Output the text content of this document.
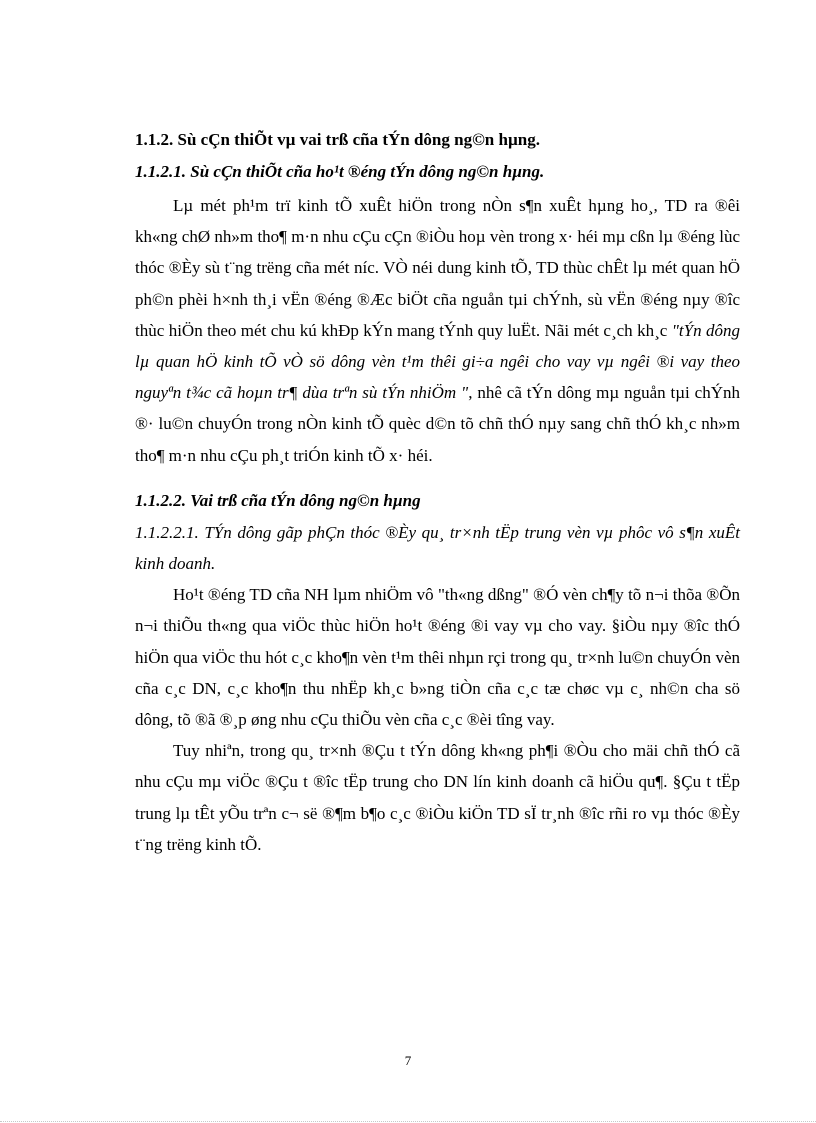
1.1.2. Sù cÇn thiÕt vµ vai trß cña tÝn dông ng©n hµng.
1.1.2.1. Sù cÇn thiÕt cña ho¹t ®éng tÝn dông ng©n hµng.

Lµ mét ph¹m trï kinh tÕ xuÊt hiÖn trong nÒn s¶n xuÊt hµng ho¸, TD ra ®êi kh«ng chØ nh»m tho¶ m·n nhu cÇu cÇn ®iÒu hoµ vèn trong x· héi mµ cßn lµ ®éng lùc thóc ®Èy sù t¨ng trëng cña mét níc. VÒ néi dung kinh tÕ, TD thùc chÊt lµ mét quan hÖ ph©n phèi h×nh th¸i vËn ®éng ®Æc biÖt cña nguån tµi chÝnh, sù vËn ®éng nµy ®îc thùc hiÖn theo mét chu kú khÐp kÝn mang tÝnh quy luËt. Nãi mét c¸ch kh¸c "tÝn dông lµ quan hÖ kinh tÕ vÒ sö dông vèn t¹m thêi gi÷a ngêi cho vay vµ ngêi ®i vay theo nguyªn t¾c cã hoµn tr¶ dùa trªn sù tÝn nhiÖm ", nhê cã tÝn dông mµ nguån tµi chÝnh ®· lu©n chuyÓn trong nÒn kinh tÕ quèc d©n tõ chñ thÓ nµy sang chñ thÓ kh¸c nh»m tho¶ m·n nhu cÇu ph¸t triÓn kinh tÕ x· héi.

1.1.2.2. Vai trß cña tÝn dông ng©n hµng

1.1.2.2.1. TÝn dông gãp phÇn thóc ®Èy qu¸ tr×nh tËp trung vèn vµ phôc vô s¶n xuÊt kinh doanh.

Ho¹t ®éng TD cña NH lµm nhiÖm vô "th«ng dßng" ®Ó vèn ch¶y tõ n¬i thõa ®Õn n¬i thiÕu th«ng qua viÖc thùc hiÖn ho¹t ®éng ®i vay vµ cho vay. §iÒu nµy ®îc thÓ hiÖn qua viÖc thu hót c¸c kho¶n vèn t¹m thêi nhµn rçi trong qu¸ tr×nh lu©n chuyÓn vèn cña c¸c DN, c¸c kho¶n thu nhËp kh¸c b»ng tiÒn cña c¸c tæ chøc vµ c¸ nh©n cha sö dông, tõ ®ã ®¸p øng nhu cÇu thiÕu vèn cña c¸c ®èi tîng vay.

Tuy nhiªn, trong qu¸ tr×nh ®Çu t tÝn dông kh«ng ph¶i ®Òu cho mäi chñ thÓ cã nhu cÇu mµ viÖc ®Çu t ®îc tËp trung cho DN lín kinh doanh cã hiÖu qu¶. §Çu t tËp trung lµ tÊt yÕu trªn c¬ së ®¶m b¶o c¸c ®iÒu kiÖn TD sÏ tr¸nh ®îc rñi ro vµ thóc ®Èy t¨ng trëng kinh tÕ.

7
